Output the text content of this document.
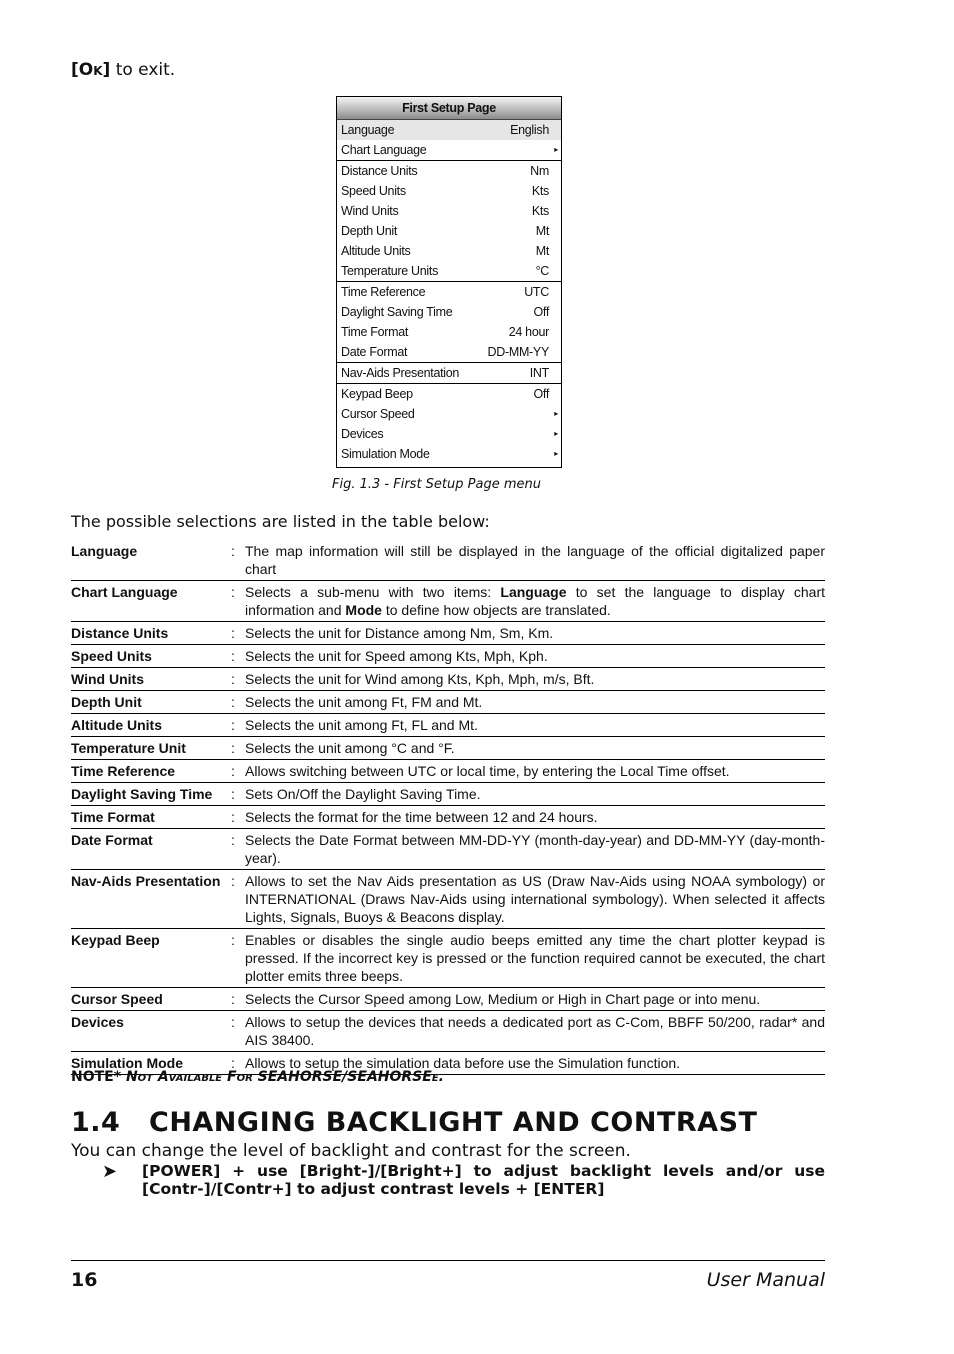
[Ok] to exit.
First Setup Page
Language	English
Chart Language	▸
Distance Units	Nm
Speed Units	Kts
Wind Units	Kts
Depth Unit	Mt
Altitude Units	Mt
Temperature Units	°C
Time Reference	UTC
Daylight Saving Time	Off
Time Format	24 hour
Date Format	DD-MM-YY
Nav-Aids Presentation	INT
Keypad Beep	Off
Cursor Speed	▸
Devices	▸
Simulation Mode	▸
Fig. 1.3 - First Setup Page menu
The possible selections are listed in the table below:
Language	: The map information will still be displayed in the language of the official digitalized paper chart
Chart Language	: Selects a sub-menu with two items: Language to set the language to display chart information and Mode to define how objects are translated.
Distance Units	: Selects the unit for Distance among Nm, Sm, Km.
Speed Units	: Selects the unit for Speed among Kts, Mph, Kph.
Wind Units	: Selects the unit for Wind among Kts, Kph, Mph, m/s, Bft.
Depth Unit	: Selects the unit among Ft, FM and Mt.
Altitude Units	: Selects the unit among Ft, FL and Mt.
Temperature Unit	: Selects the unit among °C and °F.
Time Reference	: Allows switching between UTC or local time, by entering the Local Time offset.
Daylight Saving Time	: Sets On/Off the Daylight Saving Time.
Time Format	: Selects the format for the time between 12 and 24 hours.
Date Format	: Selects the Date Format between MM-DD-YY (month-day-year) and DD-MM-YY (day-month-year).
Nav-Aids Presentation : Allows to set the Nav Aids presentation as US (Draw Nav-Aids using NOAA symbology) or INTERNATIONAL (Draws Nav-Aids using international symbology). When selected it affects Lights, Signals, Buoys & Beacons display.
Keypad Beep	: Enables or disables the single audio beeps emitted any time the chart plotter keypad is pressed. If the incorrect key is pressed or the function required cannot be executed, the chart plotter emits three beeps.
Cursor Speed	: Selects the Cursor Speed among Low, Medium or High in Chart page or into menu.
Devices	: Allows to setup the devices that needs a dedicated port as C-Com, BBFF 50/200, radar* and AIS 38400.
Simulation Mode	: Allows to setup the simulation data before use the Simulation function.
NOTE* Not Available For SEAHORSE/SEAHORSEe.
1.4 CHANGING BACKLIGHT AND CONTRAST
You can change the level of backlight and contrast for the screen.
➤ [POWER] + use [Bright-]/[Bright+] to adjust backlight levels and/or use [Contr-]/[Contr+] to adjust contrast levels + [ENTER]
16	User Manual
